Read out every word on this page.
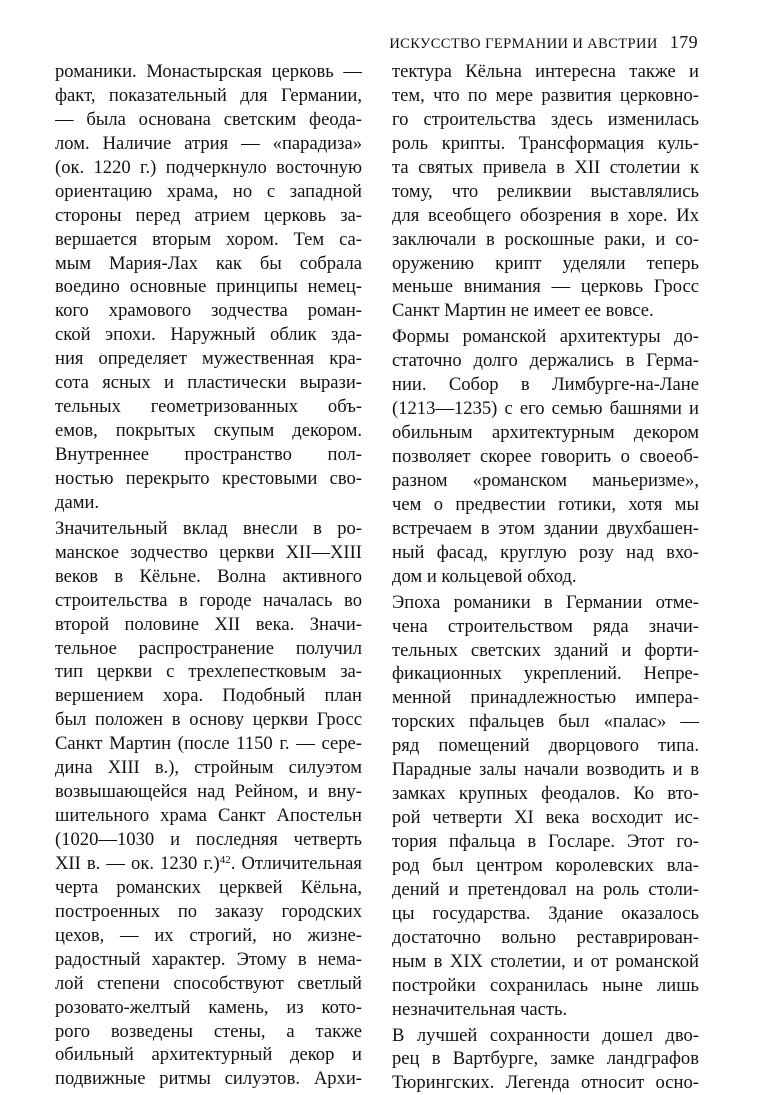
ИСКУССТВО ГЕРМАНИИ И АВСТРИИ 179
романики. Монастырская церковь —
факт, показательный для Германии,
— была основана светским феода-
лом. Наличие атрия — «парадиза»
(ок. 1220 г.) подчеркнуло восточную
ориентацию храма, но с западной
стороны перед атрием церковь за-
вершается вторым хором. Тем са-
мым Мария-Лах как бы собрала
воедино основные принципы немец-
кого храмового зодчества роман-
ской эпохи. Наружный облик зда-
ния определяет мужественная кра-
сота ясных и пластически вырази-
тельных геометризованных объ-
емов, покрытых скупым декором.
Внутреннее пространство пол-
ностью перекрыто крестовыми сво-
дами.
Значительный вклад внесли в ро-
манское зодчество церкви XII—XIII
веков в Кёльне. Волна активного
строительства в городе началась во
второй половине XII века. Значи-
тельное распространение получил
тип церкви с трехлепестковым за-
вершением хора. Подобный план
был положен в основу церкви Гросс
Санкт Мартин (после 1150 г. — сере-
дина XIII в.), стройным силуэтом
возвышающейся над Рейном, и вну-
шительного храма Санкт Апостельн
(1020—1030 и последняя четверть
XII в. — ок. 1230 г.)$^{42}$. Отличительная
черта романских церквей Кёльна,
построенных по заказу городских
цехов, — их строгий, но жизне-
радостный характер. Этому в нема-
лой степени способствуют светлый
розовато-желтый камень, из кото-
рого возведены стены, а также
обильный архитектурный декор и
подвижные ритмы силуэтов. Архи-
тектура Кёльна интересна также и
тем, что по мере развития церковно-
го строительства здесь изменилась
роль крипты. Трансформация куль-
та святых привела в XII столетии к
тому, что реликвии выставлялись
для всеобщего обозрения в хоре. Их
заключали в роскошные раки, и со-
оружению крипт уделяли теперь
меньше внимания — церковь Гросс
Санкт Мартин не имеет ее вовсе.
Формы романской архитектуры до-
статочно долго держались в Герма-
нии. Собор в Лимбурге-на-Лане
(1213—1235) с его семью башнями и
обильным архитектурным декором
позволяет скорее говорить о своеоб-
разном «романском маньеризме»,
чем о предвестии готики, хотя мы
встречаем в этом здании двухбашен-
ный фасад, круглую розу над вхо-
дом и кольцевой обход.
Эпоха романики в Германии отме-
чена строительством ряда значи-
тельных светских зданий и форти-
фикационных укреплений. Непре-
менной принадлежностью импера-
торских пфальцев был «палас» —
ряд помещений дворцового типа.
Парадные залы начали возводить и в
замках крупных феодалов. Ко вто-
рой четверти XI века восходит ис-
тория пфальца в Госларе. Этот го-
род был центром королевских вла-
дений и претендовал на роль столи-
цы государства. Здание оказалось
достаточно вольно реставрирован-
ным в XIX столетии, и от романской
постройки сохранилась ныне лишь
незначительная часть.
В лучшей сохранности дошел дво-
рец в Вартбурге, замке ландграфов
Тюрингских. Легенда относит осно-
